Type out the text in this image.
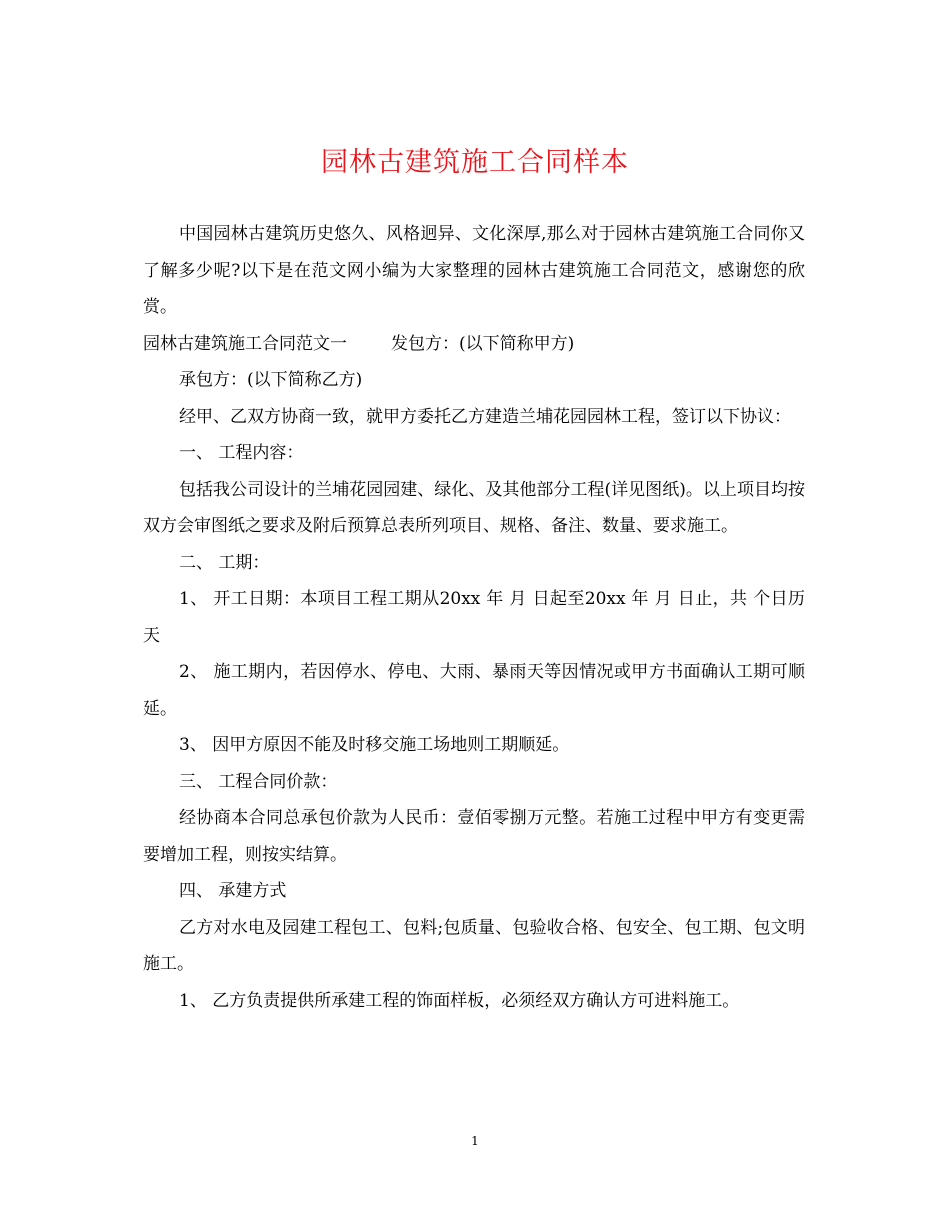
园林古建筑施工合同样本

中国园林古建筑历史悠久、风格迥异、文化深厚,那么对于园林古建筑施工合同你又了解多少呢?以下是在范文网小编为大家整理的园林古建筑施工合同范文，感谢您的欣赏。

园林古建筑施工合同范文一	发包方：(以下简称甲方)

承包方：(以下简称乙方)

经甲、乙双方协商一致，就甲方委托乙方建造兰埔花园园林工程，签订以下协议：

一、 工程内容：

包括我公司设计的兰埔花园园建、绿化、及其他部分工程(详见图纸)。以上项目均按双方会审图纸之要求及附后预算总表所列项目、规格、备注、数量、要求施工。

二、 工期：

1、 开工日期：本项目工程工期从20xx 年 月 日起至20xx 年 月 日止，共 个日历天

2、 施工期内，若因停水、停电、大雨、暴雨天等因情况或甲方书面确认工期可顺延。

3、 因甲方原因不能及时移交施工场地则工期顺延。

三、 工程合同价款：

经协商本合同总承包价款为人民币：壹佰零捌万元整。若施工过程中甲方有变更需要增加工程，则按实结算。

四、 承建方式

乙方对水电及园建工程包工、包料;包质量、包验收合格、包安全、包工期、包文明施工。

1、 乙方负责提供所承建工程的饰面样板，必须经双方确认方可进料施工。

1
